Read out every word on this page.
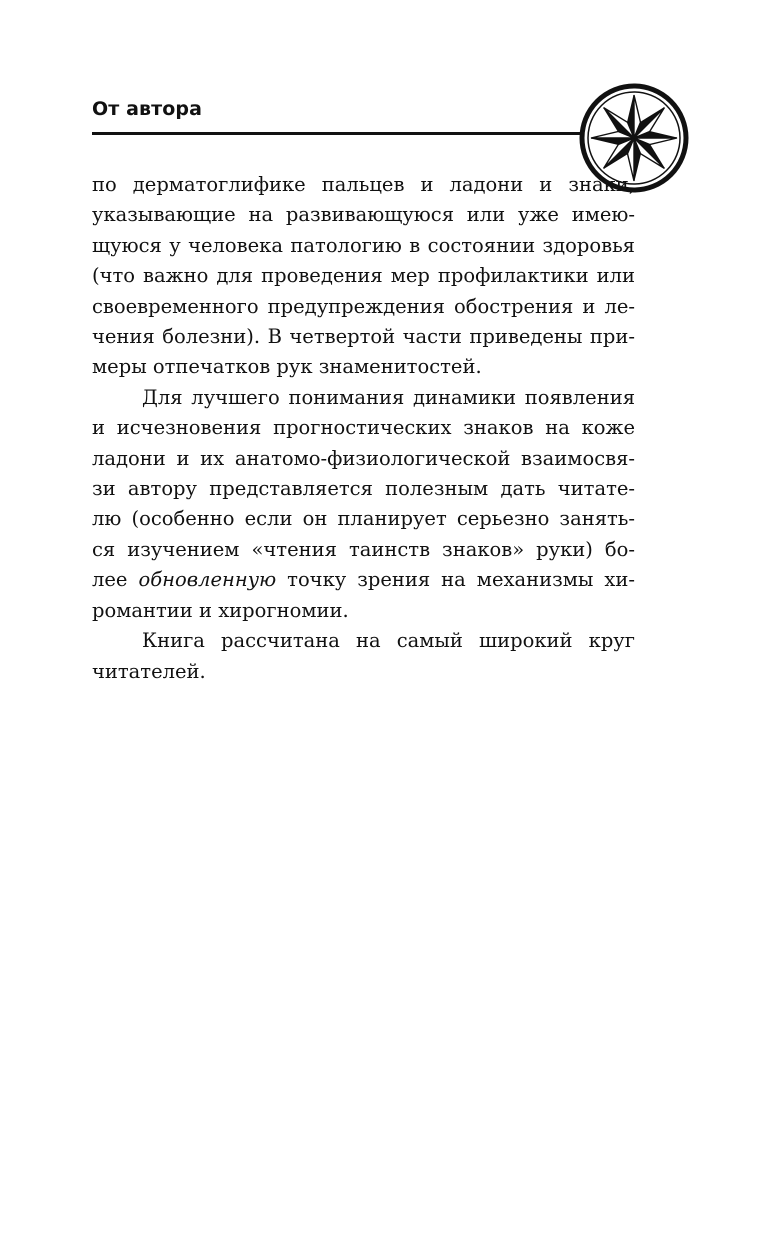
От автора

по дерматоглифике пальцев и ладони и знаки,
указывающие на развивающуюся или уже имею-
щуюся у человека патологию в состоянии здоровья
(что важно для проведения мер профилактики или
своевременного предупреждения обострения и ле-
чения болезни). В четвертой части приведены при-
меры отпечатков рук знаменитостей.

Для лучшего понимания динамики появления
и исчезновения прогностических знаков на коже
ладони и их анатомо-физиологической взаимосвя-
зи автору представляется полезным дать читате-
лю (особенно если он планирует серьезно занять-
ся изучением «чтения таинств знаков» руки) бо-
лее обновленную точку зрения на механизмы хи-
романтии и хирогномии.

Книга рассчитана на самый широкий круг
читателей.
